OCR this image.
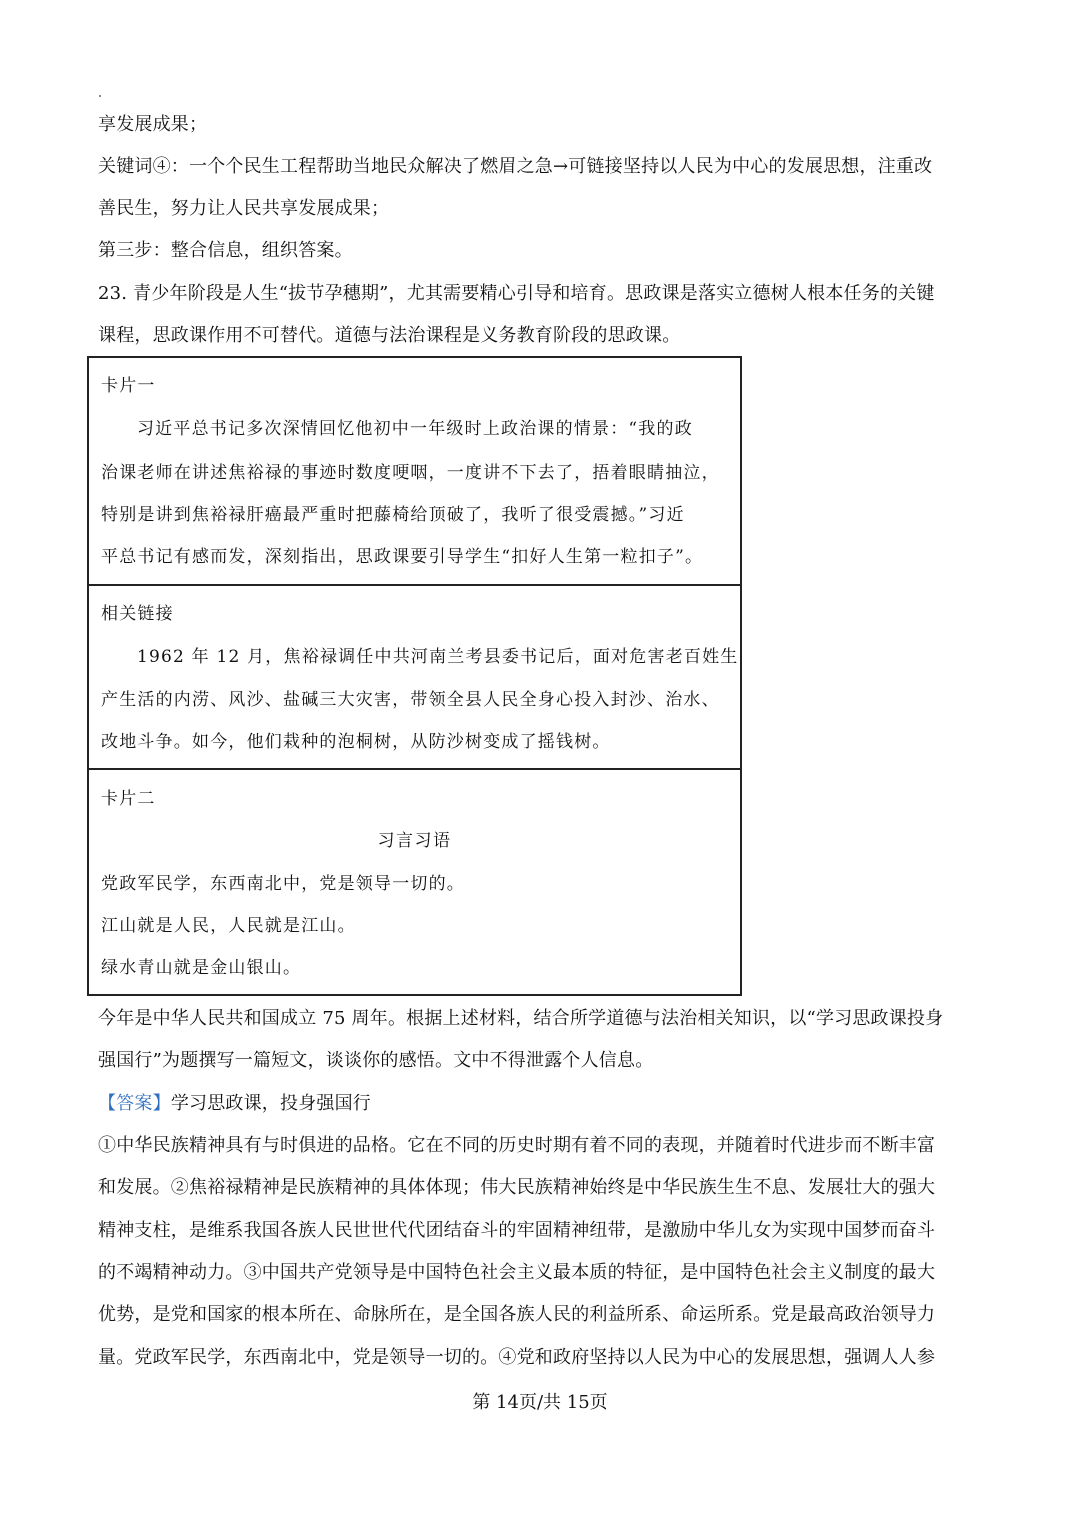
享发展成果；
关键词④：一个个民生工程帮助当地民众解决了燃眉之急→可链接坚持以人民为中心的发展思想，注重改
善民生，努力让人民共享发展成果；
第三步：整合信息，组织答案。
23. 青少年阶段是人生“拔节孕穗期”，尤其需要精心引导和培育。思政课是落实立德树人根本任务的关键
课程，思政课作用不可替代。道德与法治课程是义务教育阶段的思政课。
卡片一
习近平总书记多次深情回忆他初中一年级时上政治课的情景：“我的政
治课老师在讲述焦裕禄的事迹时数度哽咽，一度讲不下去了，捂着眼睛抽泣，
特别是讲到焦裕禄肝癌最严重时把藤椅给顶破了，我听了很受震撼。”习近
平总书记有感而发，深刻指出，思政课要引导学生“扣好人生第一粒扣子”。
相关链接
1962 年 12 月，焦裕禄调任中共河南兰考县委书记后，面对危害老百姓生
产生活的内涝、风沙、盐碱三大灾害，带领全县人民全身心投入封沙、治水、
改地斗争。如今，他们栽种的泡桐树，从防沙树变成了摇钱树。
卡片二
习言习语
党政军民学，东西南北中，党是领导一切的。
江山就是人民，人民就是江山。
绿水青山就是金山银山。
今年是中华人民共和国成立 75 周年。根据上述材料，结合所学道德与法治相关知识，以“学习思政课投身
强国行”为题撰写一篇短文，谈谈你的感悟。文中不得泄露个人信息。
【答案】学习思政课，投身强国行
①中华民族精神具有与时俱进的品格。它在不同的历史时期有着不同的表现，并随着时代进步而不断丰富
和发展。②焦裕禄精神是民族精神的具体体现；伟大民族精神始终是中华民族生生不息、发展壮大的强大
精神支柱，是维系我国各族人民世世代代团结奋斗的牢固精神纽带，是激励中华儿女为实现中国梦而奋斗
的不竭精神动力。③中国共产党领导是中国特色社会主义最本质的特征，是中国特色社会主义制度的最大
优势，是党和国家的根本所在、命脉所在，是全国各族人民的利益所系、命运所系。党是最高政治领导力
量。党政军民学，东西南北中，党是领导一切的。④党和政府坚持以人民为中心的发展思想，强调人人参
第 14页/共 15页
